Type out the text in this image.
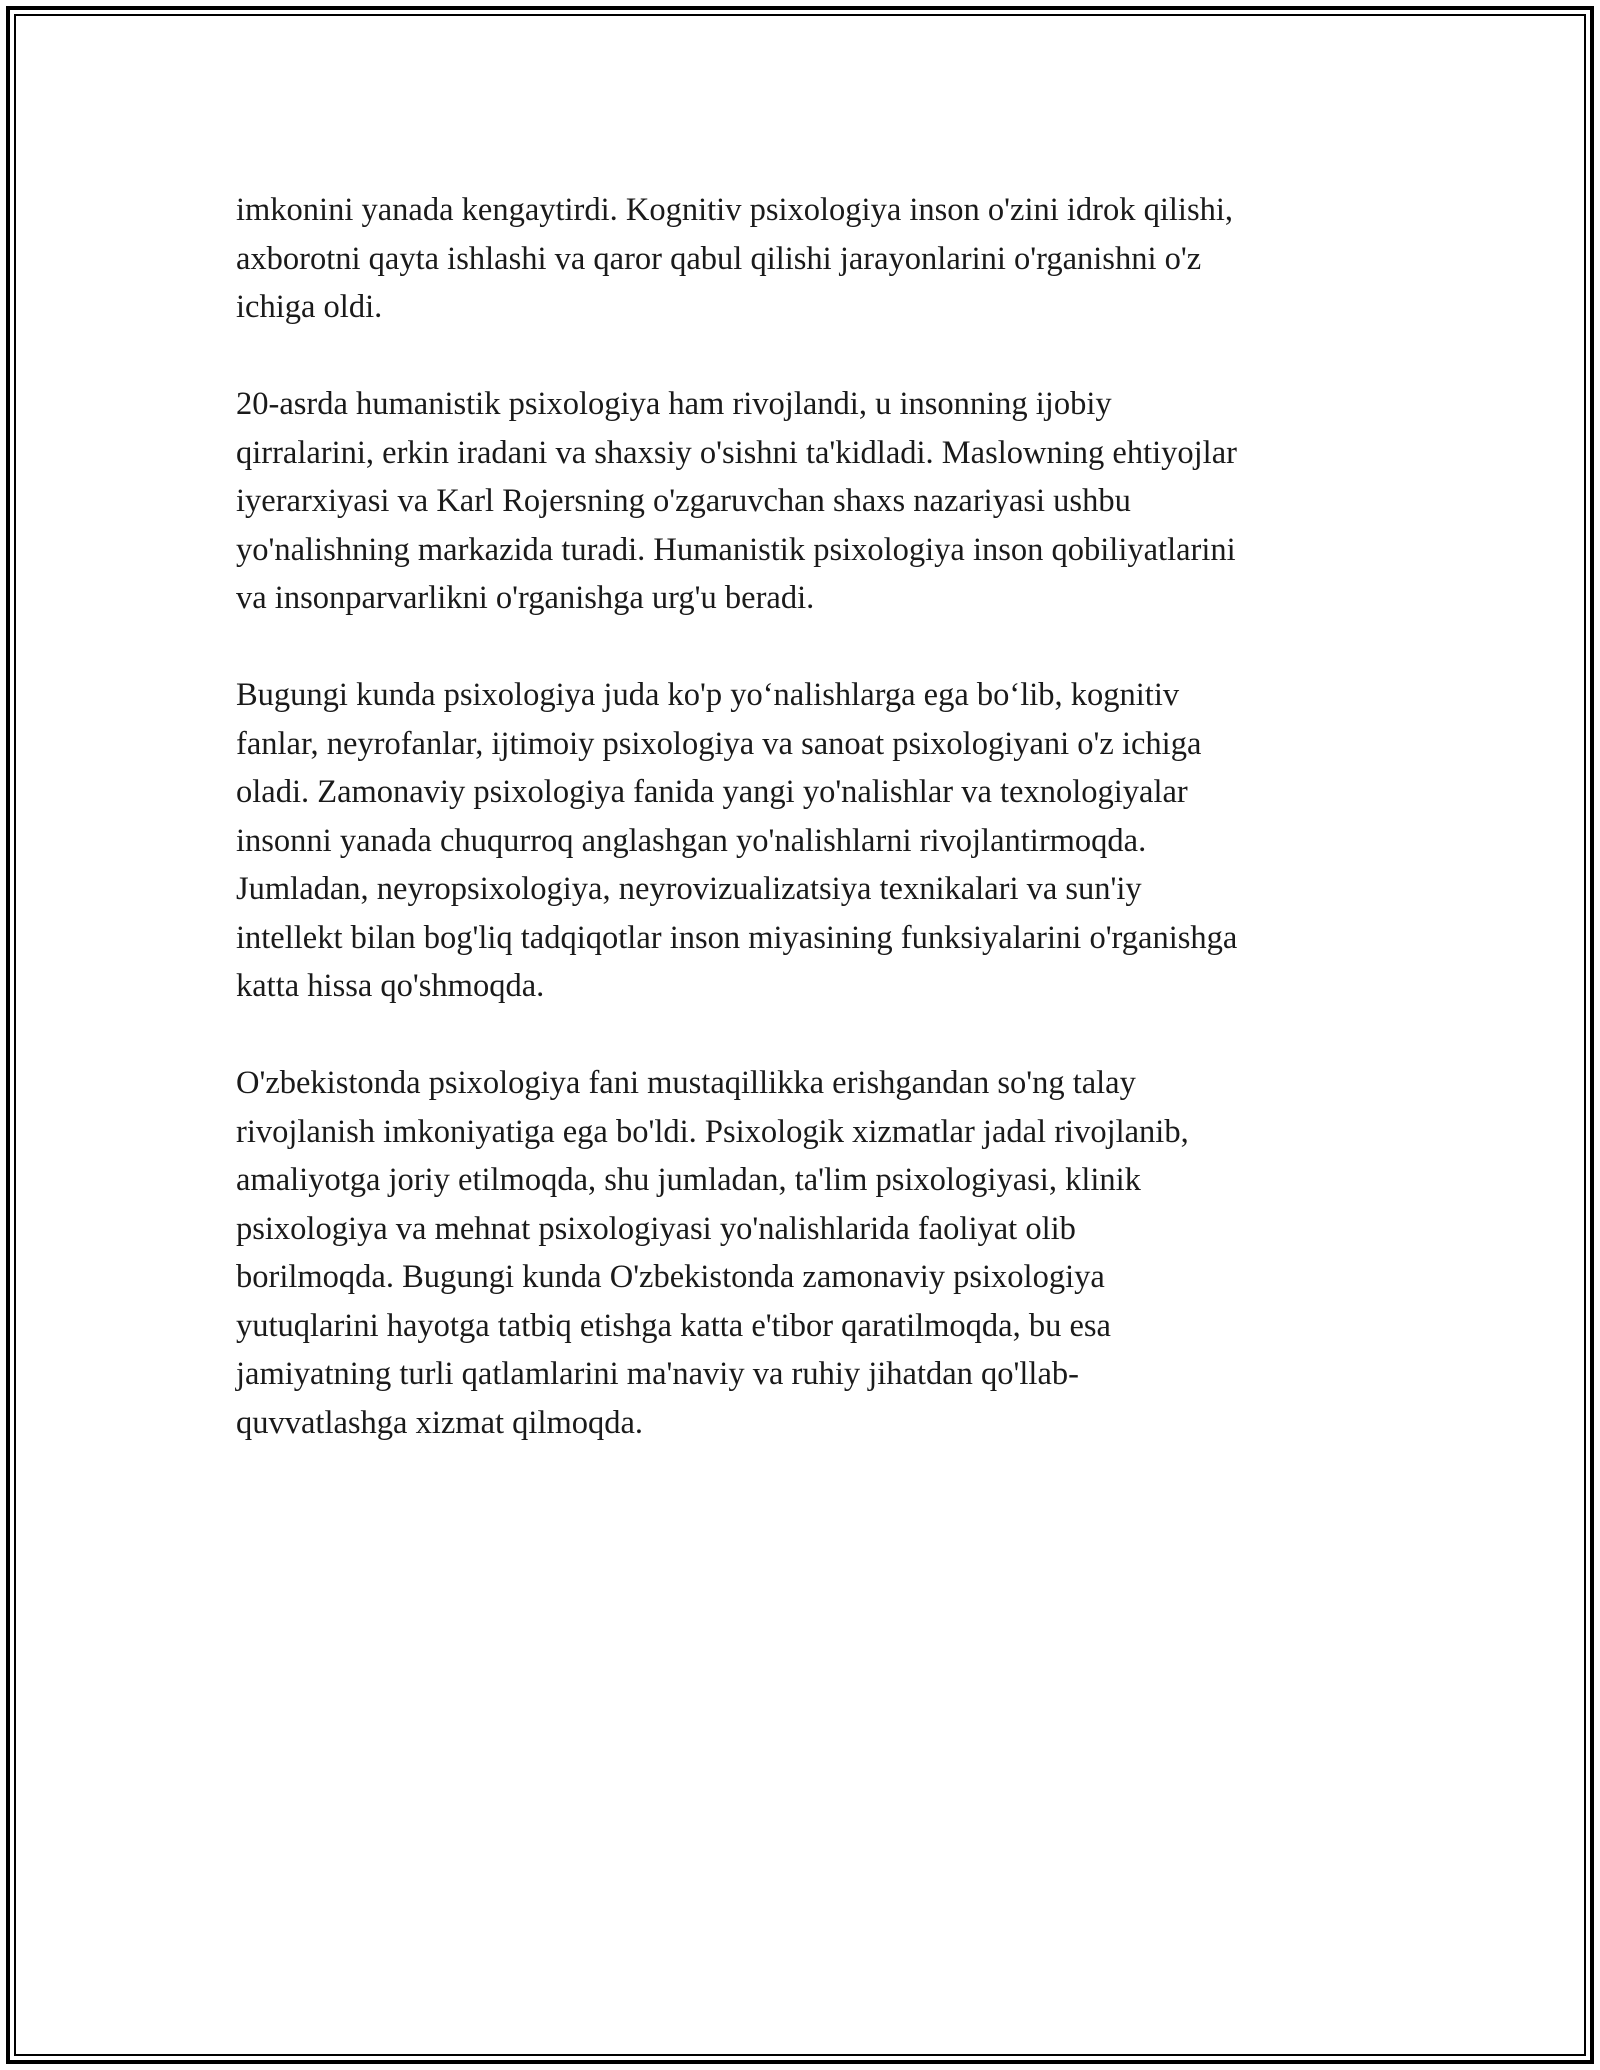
imkonini yanada kengaytirdi. Kognitiv psixologiya inson o'zini idrok qilishi,
axborotni qayta ishlashi va qaror qabul qilishi jarayonlarini o'rganishni o'z
ichiga oldi.

20-asrda humanistik psixologiya ham rivojlandi, u insonning ijobiy
qirralarini, erkin iradani va shaxsiy o'sishni ta'kidladi. Maslowning ehtiyojlar
iyerarxiyasi va Karl Rojersning o'zgaruvchan shaxs nazariyasi ushbu
yo'nalishning markazida turadi. Humanistik psixologiya inson qobiliyatlarini
va insonparvarlikni o'rganishga urg'u beradi.

Bugungi kunda psixologiya juda ko'p yo‘nalishlarga ega bo‘lib, kognitiv
fanlar, neyrofanlar, ijtimoiy psixologiya va sanoat psixologiyani o'z ichiga
oladi. Zamonaviy psixologiya fanida yangi yo'nalishlar va texnologiyalar
insonni yanada chuqurroq anglashgan yo'nalishlarni rivojlantirmoqda.
Jumladan, neyropsixologiya, neyrovizualizatsiya texnikalari va sun'iy
intellekt bilan bog'liq tadqiqotlar inson miyasining funksiyalarini o'rganishga
katta hissa qo'shmoqda.

O'zbekistonda psixologiya fani mustaqillikka erishgandan so'ng talay
rivojlanish imkoniyatiga ega bo'ldi. Psixologik xizmatlar jadal rivojlanib,
amaliyotga joriy etilmoqda, shu jumladan, ta'lim psixologiyasi, klinik
psixologiya va mehnat psixologiyasi yo'nalishlarida faoliyat olib
borilmoqda. Bugungi kunda O'zbekistonda zamonaviy psixologiya
yutuqlarini hayotga tatbiq etishga katta e'tibor qaratilmoqda, bu esa
jamiyatning turli qatlamlarini ma'naviy va ruhiy jihatdan qo'llab-
quvvatlashga xizmat qilmoqda.
